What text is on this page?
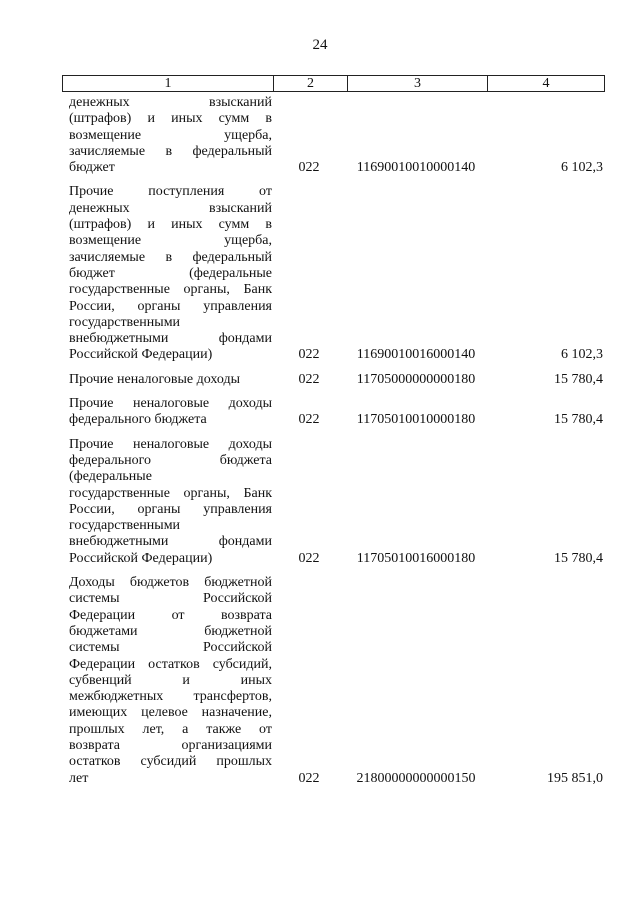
24
1	2	3	4
денежных взысканий
(штрафов) и иных сумм в
возмещение ущерба,
зачисляемые в федеральный
бюджет	022	11690010010000140	6 102,3
Прочие поступления от
денежных взысканий
(штрафов) и иных сумм в
возмещение ущерба,
зачисляемые в федеральный
бюджет (федеральные
государственные органы, Банк
России, органы управления
государственными
внебюджетными фондами
Российской Федерации)	022	11690010016000140	6 102,3
Прочие неналоговые доходы	022	11705000000000180	15 780,4
Прочие неналоговые доходы
федерального бюджета	022	11705010010000180	15 780,4
Прочие неналоговые доходы
федерального бюджета
(федеральные
государственные органы, Банк
России, органы управления
государственными
внебюджетными фондами
Российской Федерации)	022	11705010016000180	15 780,4
Доходы бюджетов бюджетной
системы Российской
Федерации от возврата
бюджетами бюджетной
системы Российской
Федерации остатков субсидий,
субвенций и иных
межбюджетных трансфертов,
имеющих целевое назначение,
прошлых лет, а также от
возврата организациями
остатков субсидий прошлых
лет	022	21800000000000150	195 851,0
